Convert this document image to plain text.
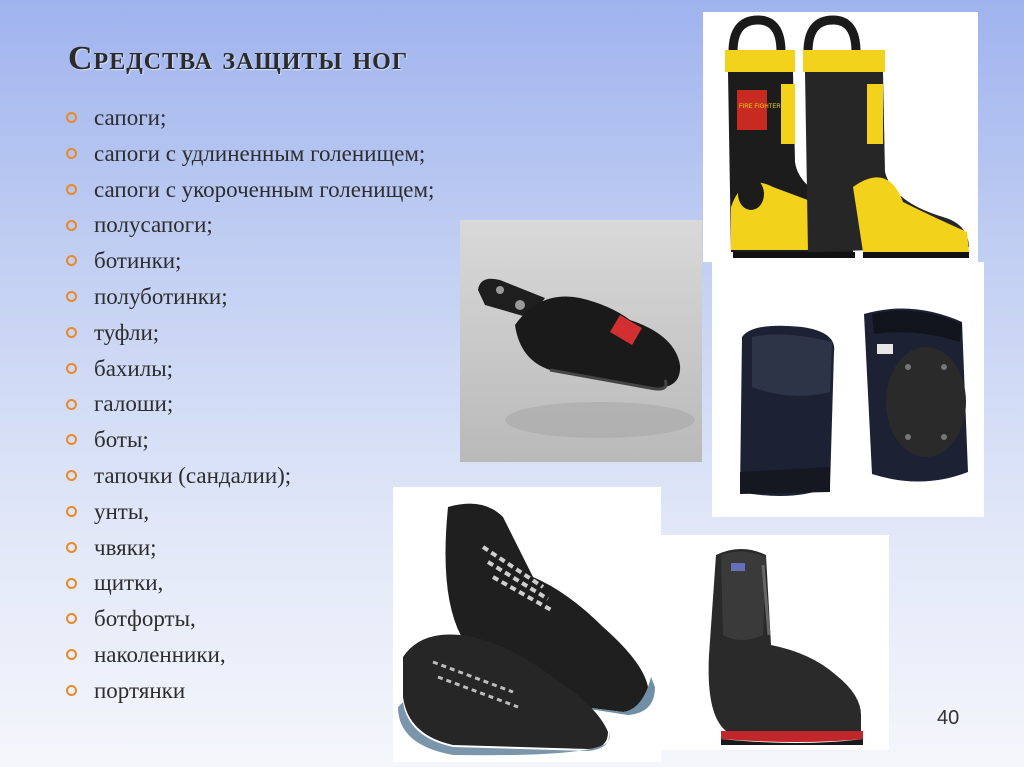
Средства защиты ног
сапоги;
сапоги с удлиненным голенищем;
сапоги с укороченным голенищем;
полусапоги;
ботинки;
полуботинки;
туфли;
бахилы;
галоши;
боты;
тапочки (сандалии);
унты,
чвяки;
щитки,
ботфорты,
наколенники,
портянки
FIRE FIGHTER
40
